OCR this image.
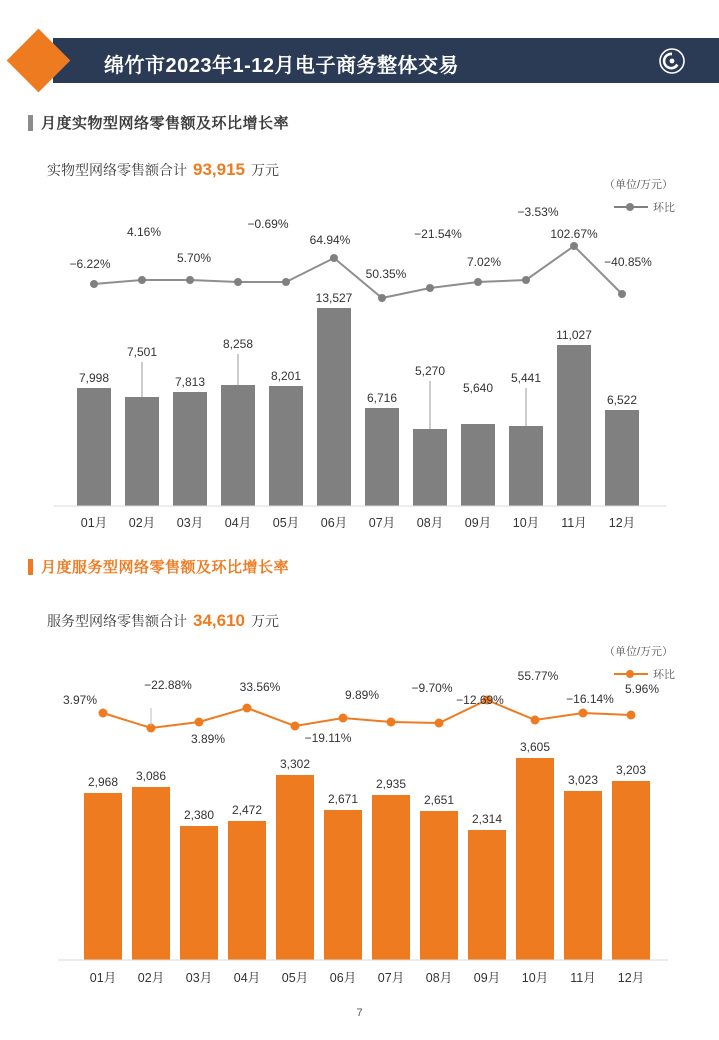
绵竹市2023年1-12月电子商务整体交易
月度实物型网络零售额及环比增长率
实物型网络零售额合计 93,915 万元
（单位/万元）
环比
7,998
7,501
7,813
8,258
8,201
13,527
6,716
5,270
5,640
5,441
11,027
6,522
−6.22%
4.16%
5.70%
−0.69%
64.94%
50.35%
−21.54%
7.02%
−3.53%
102.67%
−40.85%
01月 02月 03月 04月 05月 06月 07月 08月 09月 10月 11月 12月
月度服务型网络零售额及环比增长率
服务型网络零售额合计 34,610 万元
（单位/万元）
环比
2,968 3,086
2,380 2,472
3,302
2,671
2,935
2,651
2,314
3,605
3,023
3,203
3.97%
−22.88%
3.89%
33.56%
−19.11%
9.89%	−9.70%
−12.69%
55.77%
−16.14%
5.96%
01月 02月 03月 04月 05月 06月 07月 08月 09月 10月 11月 12月
7
